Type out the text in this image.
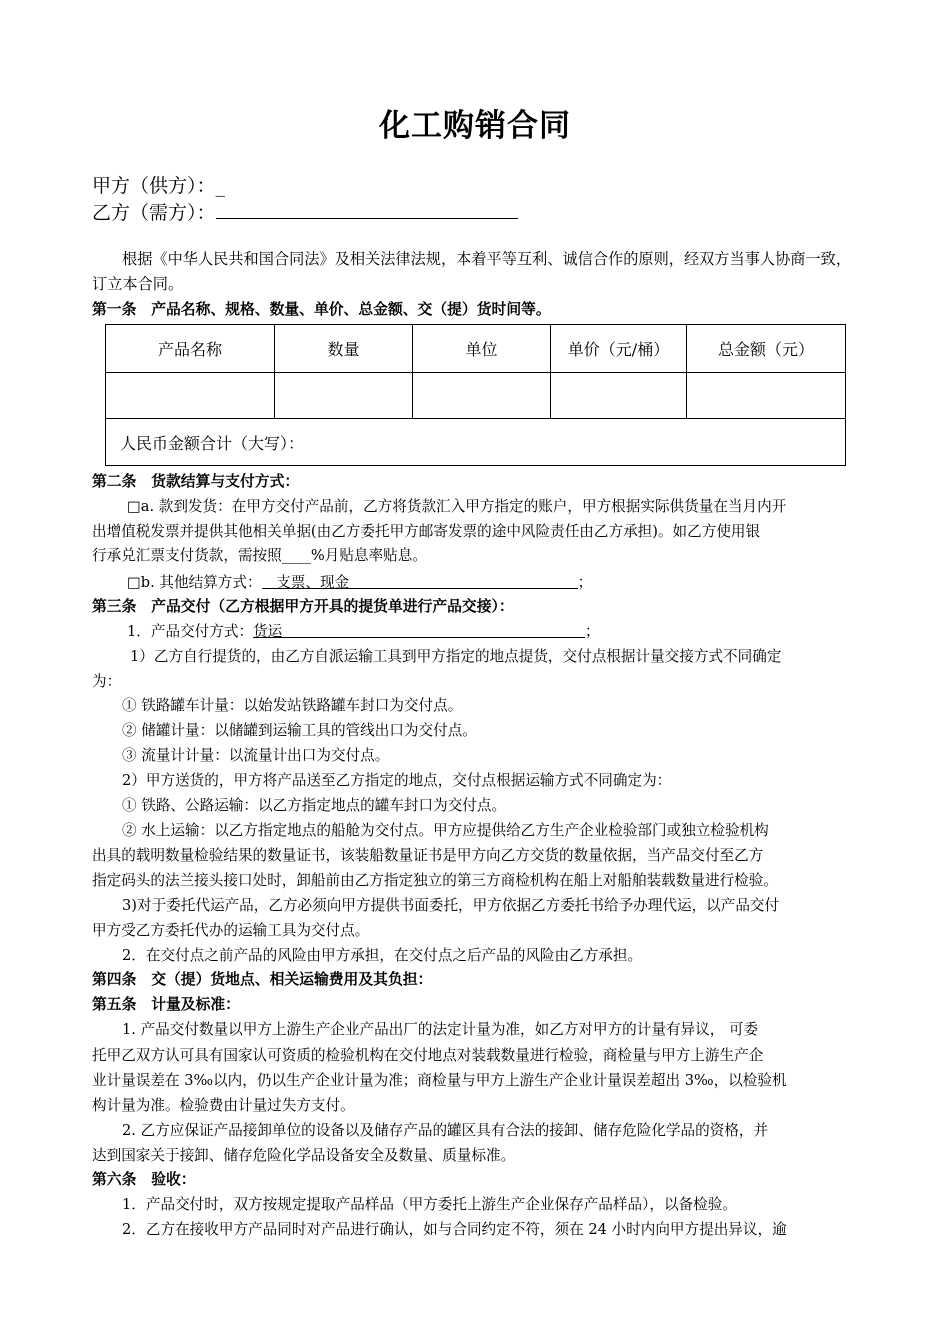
化工购销合同
甲方（供方）：_
乙方（需方）：
根据《中华人民共和国合同法》及相关法律法规，本着平等互利、诚信合作的原则，经双方当事人协商一致，订立本合同。
第一条　产品名称、规格、数量、单价、总金额、交（提）货时间等。
产品名称	数量	单位	单价（元/桶）	总金额（元）

人民币金额合计（大写）：				
第二条　货款结算与支付方式：
□a. 款到发货：在甲方交付产品前，乙方将货款汇入甲方指定的账户，甲方根据实际供货量在当月内开
出增值税发票并提供其他相关单据(由乙方委托甲方邮寄发票的途中风险责任由乙方承担)。如乙方使用银
行承兑汇票支付货款，需按照____%月贴息率贴息。
□b. 其他结算方式：　支票、现金	；
第三条　产品交付（乙方根据甲方开具的提货单进行产品交接）：
1．产品交付方式：货运	；
1）乙方自行提货的，由乙方自派运输工具到甲方指定的地点提货，交付点根据计量交接方式不同确定
为：
① 铁路罐车计量：以始发站铁路罐车封口为交付点。
② 储罐计量：以储罐到运输工具的管线出口为交付点。
③ 流量计计量：以流量计出口为交付点。
2）甲方送货的，甲方将产品送至乙方指定的地点，交付点根据运输方式不同确定为：
① 铁路、公路运输：以乙方指定地点的罐车封口为交付点。
② 水上运输：以乙方指定地点的船舱为交付点。甲方应提供给乙方生产企业检验部门或独立检验机构
出具的载明数量检验结果的数量证书，该装船数量证书是甲方向乙方交货的数量依据，当产品交付至乙方
指定码头的法兰接头接口处时，卸船前由乙方指定独立的第三方商检机构在船上对船舶装载数量进行检验。
3)对于委托代运产品，乙方必须向甲方提供书面委托，甲方依据乙方委托书给予办理代运，以产品交付
甲方受乙方委托代办的运输工具为交付点。
2．在交付点之前产品的风险由甲方承担，在交付点之后产品的风险由乙方承担。
第四条　交（提）货地点、相关运输费用及其负担：
第五条　计量及标准：
1. 产品交付数量以甲方上游生产企业产品出厂的法定计量为准，如乙方对甲方的计量有异议， 可委
托甲乙双方认可具有国家认可资质的检验机构在交付地点对装载数量进行检验，商检量与甲方上游生产企
业计量误差在 3‰以内，仍以生产企业计量为准；商检量与甲方上游生产企业计量误差超出 3‰，以检验机
构计量为准。检验费由计量过失方支付。
2. 乙方应保证产品接卸单位的设备以及储存产品的罐区具有合法的接卸、储存危险化学品的资格，并
达到国家关于接卸、储存危险化学品设备安全及数量、质量标准。
第六条　验收：
1．产品交付时，双方按规定提取产品样品（甲方委托上游生产企业保存产品样品），以备检验。
2．乙方在接收甲方产品同时对产品进行确认，如与合同约定不符，须在 24 小时内向甲方提出异议，逾
